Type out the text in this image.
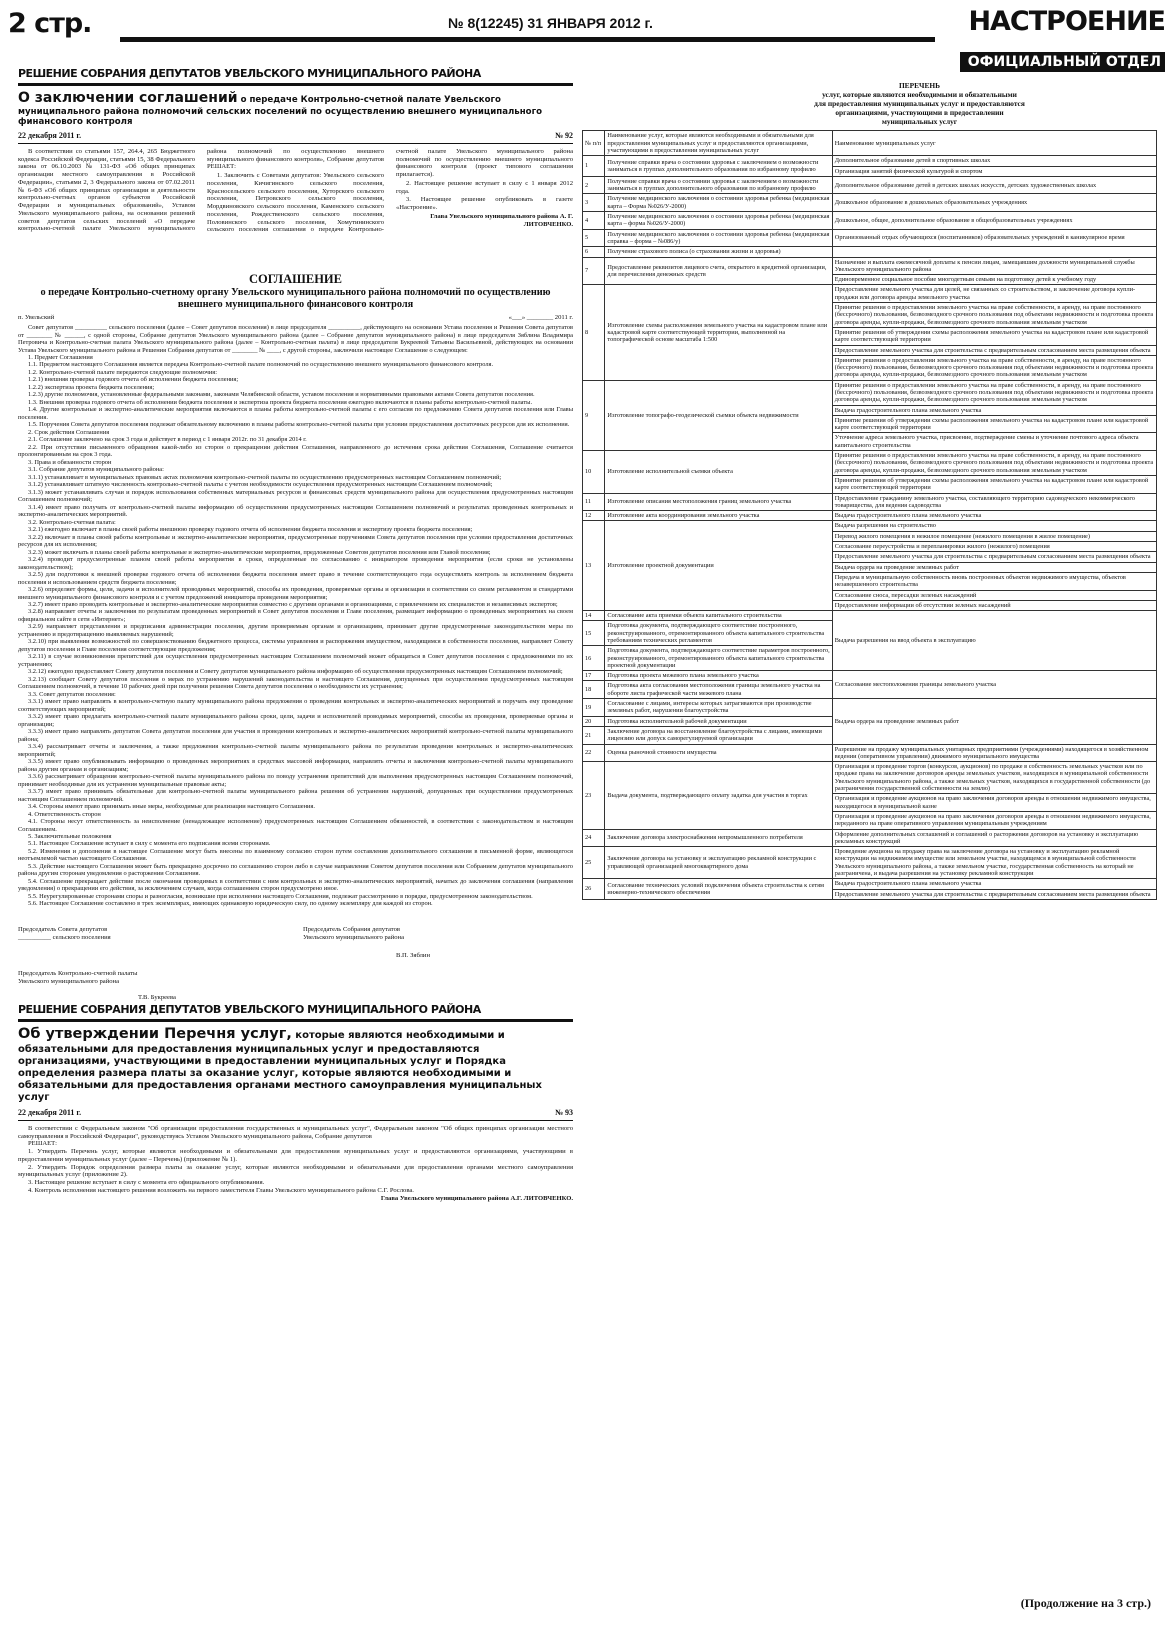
2 стр.	№ 8(12245) 31 ЯНВАРЯ 2012 г.	НАСТРОЕНИЕ
ОФИЦИАЛЬНЫЙ ОТДЕЛ
РЕШЕНИЕ СОБРАНИЯ ДЕПУТАТОВ УВЕЛЬСКОГО МУНИЦИПАЛЬНОГО РАЙОНА
О заключении соглашений о передаче Контрольно-счетной палате Увельского муниципального района полномочий сельских поселений по осуществлению внешнего муниципального финансового контроля
22 декабря 2011 г.	№ 92

В соответствии со статьями 157, 264.4, 265 Бюджетного кодекса Российской Федерации, статьями 15, 38 Федерального закона от 06.10.2003 № 131-ФЗ «Об общих принципах организации местного самоуправления в Российской Федерации», статьями 2, 3 Федерального закона от 07.02.2011 № 6-ФЗ «Об общих принципах организации и деятельности контрольно-счетных органов субъектов Российской Федерации и муниципальных образований», Уставом Увельского муниципального района, на основании решений советов депутатов сельских поселений «О передаче контрольно-счетной палате Увельского муниципального района полномочий по осуществлению внешнего муниципального финансового контроля», Собрание депутатов РЕШАЕТ:

1. Заключить с Советами депутатов: Увельского сельского поселения, Кичигинского сельского поселения, Красносельского сельского поселения, Хуторского сельского поселения, Петровского сельского поселения, Мордвиновского сельского поселения, Каменского сельского поселения, Рождественского сельского поселения, Половинского сельского поселения, Хомутининского сельского поселения соглашения о передаче Контрольно-счетной палате Увельского муниципального района полномочий по осуществлению внешнего муниципального финансового контроля (проект типового соглашения прилагается).

2. Настоящее решение вступает в силу с 1 января 2012 года.

3. Настоящее решение опубликовать в газете «Настроение».

Глава Увельского муниципального района А. Г. ЛИТОВЧЕНКО.
СОГЛАШЕНИЕ
о передаче Контрольно-счетному органу Увельского муниципального района полномочий по осуществлению внешнего муниципального финансового контроля
п. Увельский	«___» ________ 2011 г.

Совет депутатов __________ сельского поселения (далее – Совет депутатов поселения) в лице председателя __________, действующего на основании Устава поселения и Решения Совета депутатов от ________ № ______, с одной стороны, Собрание депутатов Увельского муниципального района (далее – Собрание депутатов муниципального района) в лице председателя Зяблина Владимира Петровича и Контрольно-счетная палата Увельского муниципального района (далее – Контрольно-счетная палата) в лице председателя Букреевой Татьяны Васильевной, действующих на основании Устава Увельского муниципального района и Решения Собрания депутатов от ________ № ____, с другой стороны, заключили настоящее Соглашение о следующем:

1. Предмет Соглашения

1.1. Предметом настоящего Соглашения является передача Контрольно-счетной палате полномочий по осуществлению внешнего муниципального финансового контроля.

1.2. Контрольно-счетной палате передаются следующие полномочия:

1.2.1) внешняя проверка годового отчета об исполнении бюджета поселения;

1.2.2) экспертиза проекта бюджета поселения;

1.2.3) другие полномочия, установленные федеральными законами, законами Челябинской области, уставом поселения и нормативными правовыми актами Совета депутатов поселения.

1.3. Внешняя проверка годового отчета об исполнении бюджета поселения и экспертиза проекта бюджета поселения ежегодно включаются в планы работы контрольно-счетной палаты.

1.4. Другие контрольные и экспертно-аналитические мероприятия включаются в планы работы контрольно-счетной палаты с его согласия по предложению Совета депутатов поселения или Главы поселения.

1.5. Поручения Совета депутатов поселения подлежат обязательному включению в планы работы контрольно-счетной палаты при условии предоставления достаточных ресурсов для их исполнения.

2. Срок действия Соглашения

2.1. Соглашение заключено на срок 3 года и действует в период с 1 января 2012г. по 31 декабря 2014 г.

2.2. При отсутствии письменного обращения какой-либо из сторон о прекращении действия Соглашения, направленного до истечения срока действия Соглашения, Соглашение считается пролонгированным на срок 3 года.

3. Права и обязанности сторон

3.1. Собрание депутатов муниципального района:

3.1.1) устанавливает в муниципальных правовых актах полномочия контрольно-счетной палаты по осуществлению предусмотренных настоящим Соглашением полномочий;

3.1.2) устанавливает штатную численность контрольно-счетной палаты с учетом необходимости осуществления предусмотренных настоящим Соглашением полномочий;

3.1.3) может устанавливать случаи и порядок использования собственных материальных ресурсов и финансовых средств муниципального района для осуществления предусмотренных настоящим Соглашением полномочий;

3.1.4) имеет право получать от контрольно-счетной палаты информацию об осуществлении предусмотренных настоящим Соглашением полномочий и результатах проведенных контрольных и экспертно-аналитических мероприятий.

3.2. Контрольно-счетная палата:

3.2.1) ежегодно включает в планы своей работы внешнюю проверку годового отчета об исполнении бюджета поселения и экспертизу проекта бюджета поселения;

3.2.2) включает в планы своей работы контрольные и экспертно-аналитические мероприятия, предусмотренные поручениями Совета депутатов поселения при условии предоставления достаточных ресурсов для их исполнения;

3.2.3) может включать в планы своей работы контрольные и экспертно-аналитические мероприятия, предложенные Советом депутатов поселения или Главой поселения;

3.2.4) проводит предусмотренные планом своей работы мероприятия в сроки, определенные по согласованию с инициатором проведения мероприятия (если сроки не установлены законодательством);

3.2.5) для подготовки к внешней проверке годового отчета об исполнении бюджета поселения имеет право в течение соответствующего года осуществлять контроль за исполнением бюджета поселения и использованием средств бюджета поселения;

3.2.6) определяет формы, цели, задачи и исполнителей проводимых мероприятий, способы их проведения, проверяемые органы и организации в соответствии со своим регламентом и стандартами внешнего муниципального финансового контроля и с учетом предложений инициатора проведения мероприятия;

3.2.7) имеет право проводить контрольные и экспертно-аналитические мероприятия совместно с другими органами и организациями, с привлечением их специалистов и независимых экспертов;

3.2.8) направляет отчеты и заключения по результатам проведенных мероприятий в Совет депутатов поселения и Главе поселения, размещает информацию о проведенных мероприятиях на своем официальном сайте в сети «Интернет»;

3.2.9) направляет представления и предписания администрации поселения, другим проверяемым органам и организациям, принимает другие предусмотренные законодательством меры по устранению и предотвращению выявляемых нарушений;

3.2.10) при выявлении возможностей по совершенствованию бюджетного процесса, системы управления и распоряжения имуществом, находящимся в собственности поселения, направляет Совету депутатов поселения и Главе поселения соответствующие предложения;

3.2.11) в случае возникновения препятствий для осуществления предусмотренных настоящим Соглашением полномочий может обращаться в Совет депутатов поселения с предложениями по их устранению;

3.2.12) ежегодно предоставляет Совету депутатов поселения и Совету депутатов муниципального района информацию об осуществлении предусмотренных настоящим Соглашением полномочий;

3.2.13) сообщает Совету депутатов поселения о мерах по устранению нарушений законодательства и настоящего Соглашения, допущенных при осуществлении предусмотренных настоящим Соглашением полномочий, в течение 10 рабочих дней при получении решения Совета депутатов поселения о необходимости их устранения;

3.3. Совет депутатов поселения:

3.3.1) имеет право направлять в контрольно-счетную палату муниципального района предложения о проведении контрольных и экспертно-аналитических мероприятий и поручать ему проведение соответствующих мероприятий;

3.3.2) имеет право предлагать контрольно-счетной палате муниципального района сроки, цели, задачи и исполнителей проводимых мероприятий, способы их проведения, проверяемые органы и организации;

3.3.3) имеет право направлять депутатов Совета депутатов поселения для участия в проведении контрольных и экспертно-аналитических мероприятий контрольно-счетной палаты муниципального района;

3.3.4) рассматривает отчеты и заключения, а также предложения контрольно-счетной палаты муниципального района по результатам проведения контрольных и экспертно-аналитических мероприятий;

3.3.5) имеет право опубликовывать информацию о проведенных мероприятиях в средствах массовой информации, направлять отчеты и заключения контрольно-счетной палаты муниципального района другим органам и организациям;

3.3.6) рассматривает обращения контрольно-счетной палаты муниципального района по поводу устранения препятствий для выполнения предусмотренных настоящим Соглашением полномочий, принимает необходимые для их устранения муниципальные правовые акты;

3.3.7) имеет право принимать обязательные для контрольно-счетной палаты муниципального района решения об устранении нарушений, допущенных при осуществлении предусмотренных настоящим Соглашением полномочий.

3.4. Стороны имеют право принимать иные меры, необходимые для реализации настоящего Соглашения.

4. Ответственность сторон

4.1. Стороны несут ответственность за неисполнение (ненадлежащее исполнение) предусмотренных настоящим Соглашением обязанностей, в соответствии с законодательством и настоящим Соглашением.

5. Заключительные положения

5.1. Настоящее Соглашение вступает в силу с момента его подписания всеми сторонами.

5.2. Изменения и дополнения в настоящее Соглашение могут быть внесены по взаимному согласию сторон путем составления дополнительного соглашения в письменной форме, являющегося неотъемлемой частью настоящего Соглашения.

5.3. Действие настоящего Соглашения может быть прекращено досрочно по соглашению сторон либо в случае направления Советом депутатов поселения или Собранием депутатов муниципального района другим сторонам уведомления о расторжении Соглашения.

5.4. Соглашение прекращает действие после окончания проводимых в соответствии с ним контрольных и экспертно-аналитических мероприятий, начатых до заключения соглашения (направления уведомления) о прекращении его действия, за исключением случаев, когда соглашением сторон предусмотрено иное.

5.5. Неурегулированные сторонами споры и разногласия, возникшие при исполнении настоящего Соглашения, подлежат рассмотрению в порядке, предусмотренном законодательством.

5.6. Настоящее Соглашение составлено в трех экземплярах, имеющих одинаковую юридическую силу, по одному экземпляру для каждой из сторон.

Председатель Совета депутатов
__________ сельского поселения
Председатель Собрания депутатов
Увельского муниципального района
В.П. Зяблин
Председатель Контрольно-счетной палаты
Увельского муниципального района
Т.В. Букреева
РЕШЕНИЕ СОБРАНИЯ ДЕПУТАТОВ УВЕЛЬСКОГО МУНИЦИПАЛЬНОГО РАЙОНА
Об утверждении Перечня услуг, которые являются необходимыми и обязательными для предоставления муниципальных услуг и предоставляются организациями, участвующими в предоставлении муниципальных услуг и Порядка определения размера платы за оказание услуг, которые являются необходимыми и обязательными для предоставления органами местного самоуправления муниципальных услуг
22 декабря 2011 г.	№ 93

В соответствии с Федеральным законом "Об организации предоставления государственных и муниципальных услуг", Федеральным законом "Об общих принципах организации местного самоуправления в Российской Федерации", руководствуясь Уставом Увельского муниципального района, Собрание депутатов

РЕШАЕТ:

1. Утвердить Перечень услуг, которые являются необходимыми и обязательными для предоставления муниципальных услуг и предоставляются организациями, участвующими в предоставлении муниципальных услуг (далее – Перечень) (приложение № 1).

2. Утвердить Порядок определения размера платы за оказание услуг, которые являются необходимыми и обязательными для предоставления органами местного самоуправления муниципальных услуг (приложение 2).

3. Настоящее решение вступает в силу с момента его официального опубликования.

4. Контроль исполнения настоящего решения возложить на первого заместителя Главы Увельского муниципального района С.Г. Рослова.

Глава Увельского муниципального района А.Г. ЛИТОВЧЕНКО.
ПЕРЕЧЕНЬ
услуг, которые являются необходимыми и обязательными
для предоставления муниципальных услуг и предоставляются
организациями, участвующими в предоставлении
муниципальных услуг
№ п/п	Наименование услуг, которые являются необходимыми и обязательными для предоставления муниципальных услуг и предоставляются организациями, участвующими в предоставлении муниципальных услуг	Наименование муниципальных услуг
1	Получение справки врача о состоянии здоровья с заключением о возможности заниматься в группах дополнительного образования по избранному профилю	Дополнительное образование детей в спортивных школах
		Организация занятий физической культурой и спортом
2	Получение справки врача о состоянии здоровья с заключением о возможности заниматься в группах дополнительного образования по избранному профилю	Дополнительное образование детей в детских школах искусств, детских художественных школах
3	Получение медицинского заключения о состоянии здоровья ребенка (медицинская карта – Форма №026/У-2000)	Дошкольное образование в дошкольных образовательных учреждениях
4	Получение медицинского заключения о состоянии здоровья ребенка (медицинская карта – форма №026/У-2000)	Дошкольное, общее, дополнительное образование в общеобразовательных учреждениях
5	Получение медицинского заключения о состоянии здоровья ребенка (медицинская справка – форма – №086/у)	Организованный отдых обучающихся (воспитанников) образовательных учреждений в каникулярное время
6	Получение страхового полиса (о страховании жизни и здоровья)	
7	Предоставление реквизитов лицевого счета, открытого в кредитной организации, для перечисления денежных средств	Назначение и выплата ежемесячной доплаты к пенсии лицам, замещавшим должности муниципальной службы Увельского муниципального района
		Единовременное социальное пособие многодетным семьям на подготовку детей к учебному году
8	Изготовление схемы расположения земельного участка на кадастровом плане или кадастровой карте соответствующей территории, выполненной на топографической основе масштаба 1:500	Предоставление земельного участка для целей, не связанных со строительством, и заключение договора купли-продажи или договора аренды земельного участка
		Принятие решения о предоставлении земельного участка на праве собственности, в аренду, на праве постоянного (бессрочного) пользования, безвозмездного срочного пользования под объектами недвижимости и подготовка проекта договора аренды, купли-продажи, безвозмездного срочного пользования земельным участком
		Принятие решения об утверждении схемы расположения земельного участка на кадастровом плане или кадастровой карте соответствующей территории
		Предоставление земельного участка для строительства с предварительным согласованием места размещения объекта
		Принятие решения о предоставлении земельного участка на праве собственности, в аренду, на праве постоянного (бессрочного) пользования, безвозмездного срочного пользования под объектами недвижимости и подготовка проекта договора аренды, купли-продажи, безвозмездного срочного пользования земельным участком
9	Изготовление топографо-геодезической съемки объекта недвижимости	Принятие решения о предоставлении земельного участка на праве собственности, в аренду, на праве постоянного (бессрочного) пользования, безвозмездного срочного пользования под объектами недвижимости и подготовка проекта договора аренды, купли-продажи, безвозмездного срочного пользования земельным участком
		Выдача градостроительного плана земельного участка
		Принятие решения об утверждении схемы расположения земельного участка на кадастровом плане или кадастровой карте соответствующей территории
		Уточнение адреса земельного участка, присвоение, подтверждение смены и уточнение почтового адреса объекта капитального строительства
10	Изготовление исполнительной съемки объекта	Принятие решения о предоставлении земельного участка на праве собственности, в аренду, на праве постоянного (бессрочного) пользования, безвозмездного срочного пользования под объектами недвижимости и подготовка проекта договора аренды, купли-продажи, безвозмездного срочного пользования земельным участком
		Принятие решения об утверждении схемы расположения земельного участка на кадастровом плане или кадастровой карте соответствующей территории
11	Изготовление описания местоположения границ земельного участка	Предоставление гражданину земельного участка, составляющего территорию садоводческого некоммерческого товарищества, для ведения садоводства
12	Изготовление акта координирования земельного участка	Выдача градостроительного плана земельного участка
13	Изготовление проектной документации	Выдача разрешения на строительство
		Перевод жилого помещения в нежилое помещение (нежилого помещения в жилое помещение)
		Согласование переустройства и перепланировки жилого (нежилого) помещения
		Предоставление земельного участка для строительства с предварительным согласованием места размещения объекта
		Выдача ордера на проведение земляных работ
		Передача в муниципальную собственность вновь построенных объектов недвижимого имущества, объектов незавершенного строительства
		Согласование сноса, пересадки зеленых насаждений
		Предоставление информации об отсутствии зеленых насаждений
14	Согласование акта приемки объекта капитального строительства	Выдача разрешения на ввод объекта в эксплуатацию
15	Подготовка документа, подтверждающего соответствие построенного, реконструированного, отремонтированного объекта капитального строительства требованиям технических регламентов	
16	Подготовка документа, подтверждающего соответствие параметров построенного, реконструированного, отремонтированного объекта капитального строительства проектной документации	
17	Подготовка проекта межевого плана земельного участка	Согласование местоположения границы земельного участка
18	Подготовка акта согласования местоположения границы земельного участка на обороте листа графической части межевого плана	
19	Согласование с лицами, интересы которых затрагиваются при производстве земляных работ, нарушении благоустройства	Выдача ордера на проведение земляных работ
20	Подготовка исполнительной рабочей документации	
21	Заключение договора на восстановление благоустройства с лицами, имеющими лицензию или допуск саморегулируемой организации	
22	Оценка рыночной стоимости имущества	Разрешение на продажу муниципальных унитарных предприятиями (учреждениями) находящегося в хозяйственном ведении (оперативном управлении) движимого муниципального имущества
23	Выдача документа, подтверждающего оплату задатка для участия в торгах	Организация и проведение торгов (конкурсов, аукционов) по продаже в собственность земельных участков или по продаже права на заключение договоров аренды земельных участков, находящихся в муниципальной собственности Увельского муниципального района, а также земельных участков, находящихся в государственной собственности (до разграничения государственной собственности на землю)
		Организация и проведение аукционов на право заключения договоров аренды в отношении недвижимого имущества, находящегося в муниципальной казне
		Организация и проведение аукционов на право заключения договоров аренды в отношении недвижимого имущества, переданного на праве оперативного управления муниципальным учреждениям
24	Заключение договора электроснабжения непромышленного потребителя	Оформление дополнительных соглашений и соглашений о расторжении договоров на установку и эксплуатацию рекламных конструкций
25	Заключение договора на установку и эксплуатацию рекламной конструкции с управляющей организацией многоквартирного дома	Проведение аукциона на продажу права на заключение договора на установку и эксплуатацию рекламной конструкции на недвижимом имуществе или земельном участке, находящемся в муниципальной собственности Увельского муниципального района, а также земельном участке, государственная собственность на который не разграничена, и выдача разрешения на установку рекламной конструкции
26	Согласование технических условий подключения объекта строительства к сетям инженерно-технического обеспечения	Выдача градостроительного плана земельного участка
		Предоставление земельного участка для строительства с предварительным согласованием места размещения объекта
(Продолжение на 3 стр.)
